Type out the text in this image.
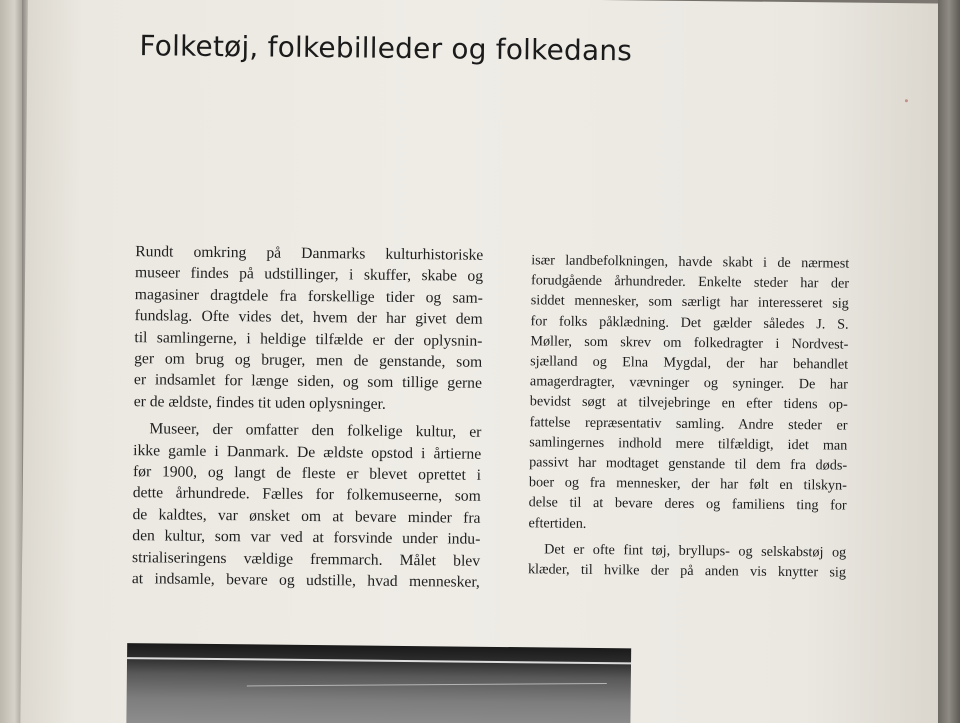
Folketøj, folkebilleder og folkedans

Rundt omkring på Danmarks kulturhistoriske
museer findes på udstillinger, i skuffer, skabe og
magasiner dragtdele fra forskellige tider og sam-
fundslag. Ofte vides det, hvem der har givet dem
til samlingerne, i heldige tilfælde er der oplysnin-
ger om brug og bruger, men de genstande, som
er indsamlet for længe siden, og som tillige gerne
er de ældste, findes tit uden oplysninger.

Museer, der omfatter den folkelige kultur, er
ikke gamle i Danmark. De ældste opstod i årtierne
før 1900, og langt de fleste er blevet oprettet i
dette århundrede. Fælles for folkemuseerne, som
de kaldtes, var ønsket om at bevare minder fra
den kultur, som var ved at forsvinde under indu-
strialiseringens vældige fremmarch. Målet blev
at indsamle, bevare og udstille, hvad mennesker,

især landbefolkningen, havde skabt i de nærmest
forudgående århundreder. Enkelte steder har der
siddet mennesker, som særligt har interesseret sig
for folks påklædning. Det gælder således J. S.
Møller, som skrev om folkedragter i Nordvest-
sjælland og Elna Mygdal, der har behandlet
amagerdragter, vævninger og syninger. De har
bevidst søgt at tilvejebringe en efter tidens op-
fattelse repræsentativ samling. Andre steder er
samlingernes indhold mere tilfældigt, idet man
passivt har modtaget genstande til dem fra døds-
boer og fra mennesker, der har følt en tilskyn-
delse til at bevare deres og familiens ting for
eftertiden.

Det er ofte fint tøj, bryllups- og selskabstøj og
klæder, til hvilke der på anden vis knytter sig
